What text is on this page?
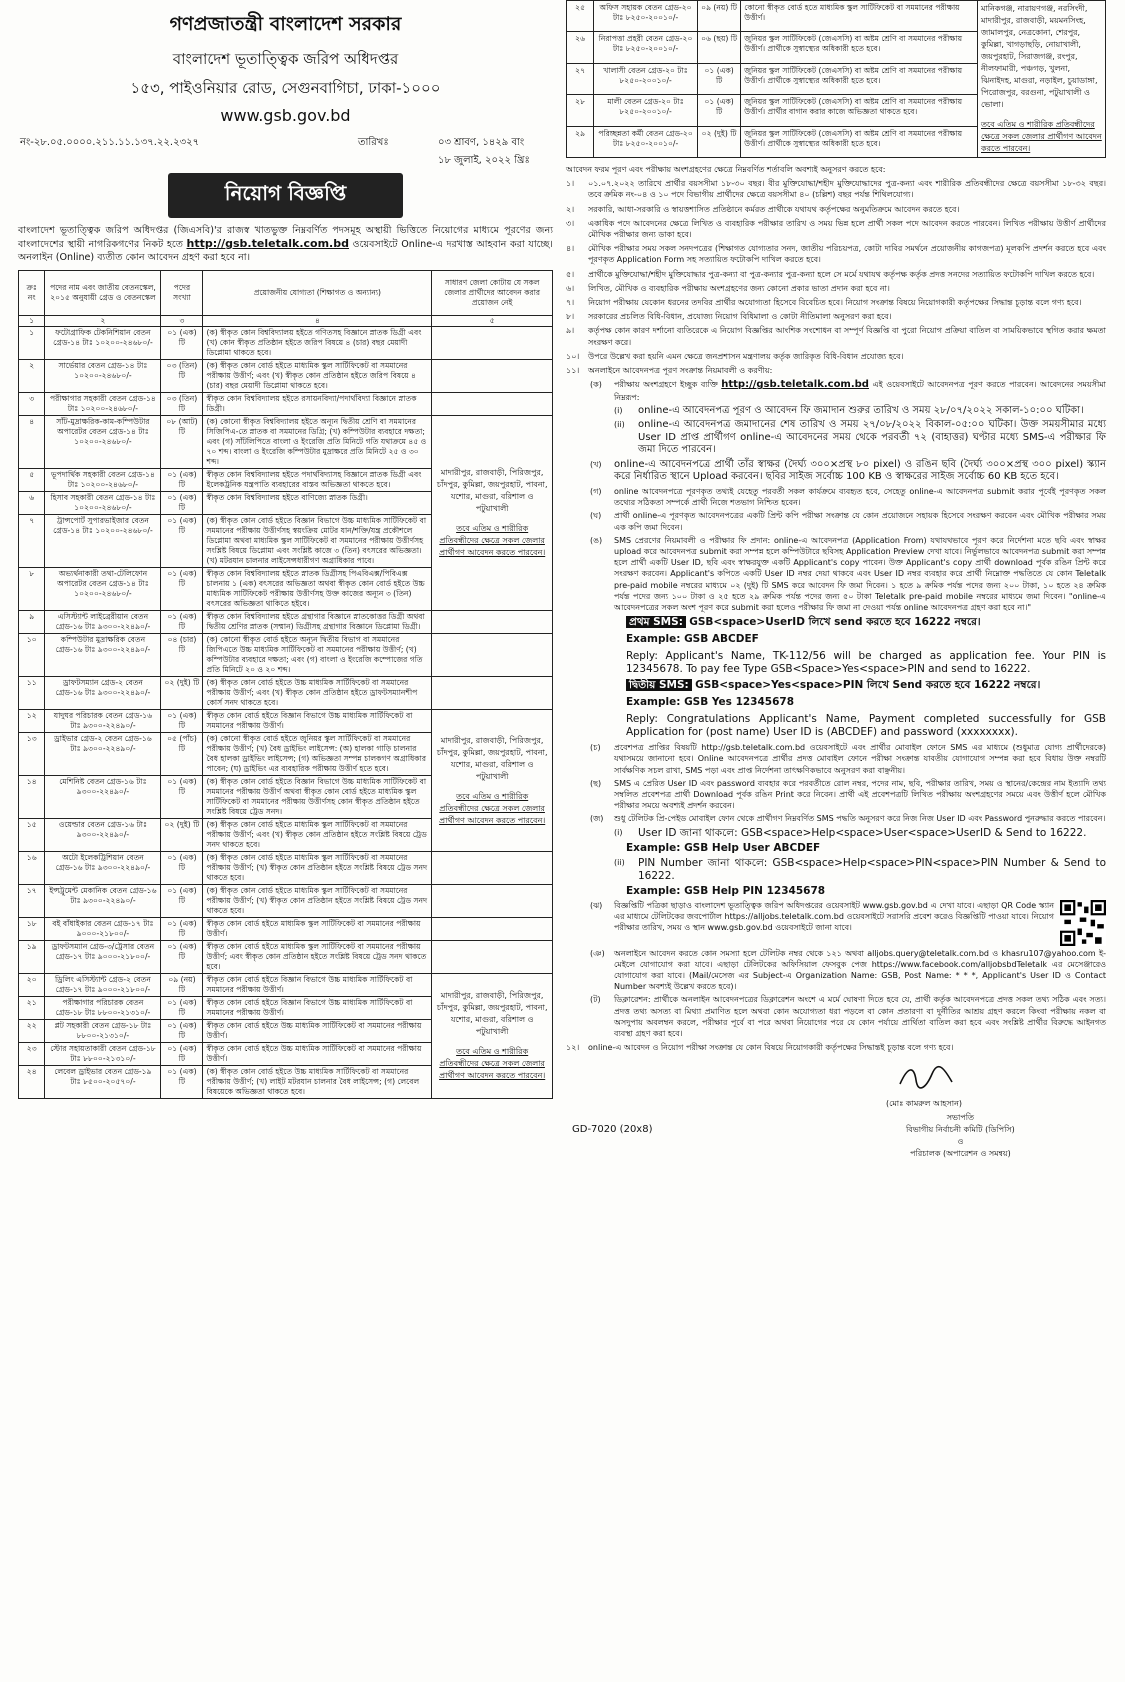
গণপ্রজাতন্ত্রী বাংলাদেশ সরকার
বাংলাদেশ ভূতাত্ত্বিক জরিপ অধিদপ্তর
১৫৩, পাইওনিয়ার রোড, সেগুনবাগিচা, ঢাকা-১০০০
www.gsb.gov.bd
নং-২৮.০৫.০০০০.২১১.১১.১৩৭.২২.২৩২৭	তারিখঃ	০৩ শ্রাবণ, ১৪২৯ বাং
১৮ জুলাই, ২০২২ খ্রিঃ
নিয়োগ বিজ্ঞপ্তি
বাংলাদেশ ভূতাত্ত্বিক জরিপ অধিদপ্তর (জিএসবি)'র রাজস্ব খাতভুক্ত নিম্নবর্ণিত পদসমূহ অস্থায়ী ভিত্তিতে নিয়োগের মাধ্যমে পূরণের জন্য বাংলাদেশের স্থায়ী নাগরিকগণের নিকট হতে http://gsb.teletalk.com.bd ওয়েবসাইটে Online-এ দরখাস্ত আহবান করা যাচ্ছে। অনলাইন (Online) ব্যতীত কোন আবেদন গ্রহণ করা হবে না।
ক্রঃ নং	পদের নাম এবং জাতীয় বেতনস্কেল, ২০১৫ অনুযায়ী গ্রেড ও বেতনস্কেল	পদের সংখ্যা	প্রয়োজনীয় যোগ্যতা (শিক্ষাগত ও অন্যান্য)	সাধারণ জেলা কোটায় যে সকল জেলার প্রার্থীদের আবেদন করার প্রয়োজন নেই
১	২	৩	৪	৫
১	ফটোগ্রাফিক টেকনিশিয়ান বেতন গ্রেড-১৪ টাঃ ১০২০০-২৪৬৮০/-	০১ (এক) টি	(ক) স্বীকৃত কোন বিশ্ববিদ্যালয় হইতে গণিতসহ বিজ্ঞানে স্নাতক ডিগ্রী এবং (খ) কোন স্বীকৃত প্রতিষ্ঠান হইতে জরিপ বিষয়ে ৪ (চার) বছর মেয়াদী ডিপ্লোমা থাকতে হবে।	
২	সার্ভেয়ার বেতন গ্রেড-১৪ টাঃ ১০২০০-২৪৬৮০/-	০৩ (তিন) টি	(ক) স্বীকৃত কোন বোর্ড হইতে মাধ্যমিক স্কুল সার্টিফিকেট বা সমমানের পরীক্ষায় উত্তীর্ণ; এবং (খ) স্বীকৃত কোন প্রতিষ্ঠান হইতে জরিপ বিষয়ে ৪ (চার) বছর মেয়াদী ডিপ্লোমা থাকতে হবে।	
৩	পরীক্ষাগার সহকারী বেতন গ্রেড-১৪ টাঃ ১০২০০-২৪৬৮০/-	০৩ (তিন) টি	স্বীকৃত কোন বিশ্ববিদ্যালয় হইতে রসায়নবিদ্যা/পদার্থবিদ্যা বিজ্ঞানে স্নাতক ডিগ্রী।	
৪	সাঁট-মুদ্রাক্ষরিক-কাম-কম্পিউটার অপারেটর বেতন গ্রেড-১৪ টাঃ ১০২০০-২৪৬৮০/-	০৮ (আট) টি	(ক) কোনো স্বীকৃত বিশ্ববিদ্যালয় হইতে অন্যূন দ্বিতীয় শ্রেণি বা সমমানের সিজিপিএ-তে স্নাতক বা সমমানের ডিগ্রি; (খ) কম্পিউটার ব্যবহারে দক্ষতা; এবং (গ) সাঁটলিপিতে বাংলা ও ইংরেজি প্রতি মিনিটে গতি যথাক্রমে ৪৫ ও ৭০ শব্দ। বাংলা ও ইংরেজি কম্পিউটার মুদ্রাক্ষরে প্রতি মিনিটে ২৫ ও ৩০ শব্দ।	মাদারীপুর, রাজবাড়ী, পিরিজপুর, চাঁদপুর, কুমিল্লা, জয়পুরহাট, পাবনা, যশোর, মাগুরা, বরিশাল ও পটুয়াখালী
তবে এতিম ও শারীরিক প্রতিবন্ধীদের ক্ষেত্রে সকল জেলার প্রার্থীগণ আবেদন করতে পারবেন।

৫	ভূপদার্থিক সহকারী বেতন গ্রেড-১৪ টাঃ ১০২০০-২৪৬৮০/-	০১ (এক) টি	স্বীকৃত কোন বিশ্ববিদ্যালয় হইতে পদার্থবিদ্যাসহ বিজ্ঞানে স্নাতক ডিগ্রী এবং ইলেকট্রনিক যন্ত্রপাতি ব্যবহারের বাস্তব অভিজ্ঞতা থাকতে হবে।	
৬	হিসাব সহকারী বেতন গ্রেড-১৪ টাঃ ১০২০০-২৪৬৮০/-	০১ (এক) টি	স্বীকৃত কোন বিশ্ববিদ্যালয় হইতে বাণিজ্যে স্নাতক ডিগ্রী।	
৭	ট্রান্সপোর্ট সুপারভাইজার বেতন গ্রেড-১৪ টাঃ ১০২০০-২৪৬৮০/-	০১ (এক) টি	(ক) স্বীকৃত কোন বোর্ড হইতে বিজ্ঞান বিভাগে উচ্চ মাধ্যমিক সার্টিফিকেট বা সমমানের পরীক্ষায় উত্তীর্ণসহ স্বয়ংক্রিয় মোটর যান/শক্তি/যন্ত্র প্রকৌশলে ডিপ্লোমা অথবা মাধ্যমিক স্কুল সার্টিফিকেট বা সমমানের পরীক্ষায় উত্তীর্ণসহ সংশ্লিষ্ট বিষয়ে ডিপ্লোমা এবং সংশ্লিষ্ট কাজে ৩ (তিন) বৎসরের অভিজ্ঞতা। (খ) মটরযান চালনার লাইসেন্সধারীগণ অগ্রাধিকার পাবে।	
৮	অভ্যর্থনাকারী তথা-টেলিফোন অপারেটর বেতন গ্রেড-১৪ টাঃ ১০২০০-২৪৬৮০/-	০১ (এক) টি	স্বীকৃত কোন বিশ্ববিদ্যালয় হইতে স্নাতক ডিগ্রীসহ পিএবিএক্স/পিবিএক্স চালনায় ১ (এক) বৎসরের অভিজ্ঞতা অথবা স্বীকৃত কোন বোর্ড হইতে উচ্চ মাধ্যমিক সার্টিফিকেট পরীক্ষায় উত্তীর্ণসহ উক্ত কাজের অন্যূন ৩ (তিন) বৎসরের অভিজ্ঞতা থাকিতে হইবে।	
৯	এসিস্ট্যান্ট লাইব্রেরীয়ান বেতন গ্রেড-১৬ টাঃ ৯৩০০-২২৪৯০/-	০১ (এক) টি	স্বীকৃত কোন বিশ্ববিদ্যালয় হইতে গ্রন্থাগার বিজ্ঞানে স্নাতকোত্তর ডিগ্রী অথবা দ্বিতীয় শ্রেণির স্নাতক (সম্মান) ডিগ্রীসহ গ্রন্থাগার বিজ্ঞানে ডিপ্লোমা ডিগ্রী।	
১০	কম্পিউটার মুদ্রাক্ষরিক বেতন গ্রেড-১৬ টাঃ ৯৩০০-২২৪৯০/-	০৪ (চার) টি	(ক) কোনো স্বীকৃত বোর্ড হইতে অন্যূন দ্বিতীয় বিভাগ বা সমমানের জিপিএতে উচ্চ মাধ্যমিক সার্টিফিকেট বা সমমানের পরীক্ষায় উত্তীর্ণ; (খ) কম্পিউটার ব্যবহারে দক্ষতা; এবং (গ) বাংলা ও ইংরেজি কম্পোজের গতি প্রতি মিনিটে ২০ ও ২০ শব্দ।	
১১	ড্রাফটসম্যান গ্রেড-২ বেতন গ্রেড-১৬ টাঃ ৯৩০০-২২৪৯০/-	০২ (দুই) টি	(ক) স্বীকৃত কোন বোর্ড হইতে উচ্চ মাধ্যমিক সার্টিফিকেট বা সমমানের পরীক্ষায় উত্তীর্ণ; এবং (খ) স্বীকৃত কোন প্রতিষ্ঠান হইতে ড্রাফটসম্যানশীপ কোর্স সনদ থাকতে হবে।	
১২	যাদুঘর পরিচারক বেতন গ্রেড-১৬ টাঃ ৯৩০০-২২৪৯০/-	০১ (এক) টি	স্বীকৃত কোন বোর্ড হইতে বিজ্ঞান বিভাগে উচ্চ মাধ্যমিক সার্টিফিকেট বা সমমানের পরীক্ষায় উত্তীর্ণ।	মাদারীপুর, রাজবাড়ী, পিরিজপুর, চাঁদপুর, কুমিল্লা, জয়পুরহাট, পাবনা, যশোর, মাগুরা, বরিশাল ও পটুয়াখালী
তবে এতিম ও শারীরিক প্রতিবন্ধীদের ক্ষেত্রে সকল জেলার প্রার্থীগণ আবেদন করতে পারবেন।

১৩	ড্রাইভার গ্রেড-২ বেতন গ্রেড-১৬ টাঃ ৯৩০০-২২৪৯০/-	০৫ (পাঁচ) টি	(ক) কোনো স্বীকৃত বোর্ড হইতে জুনিয়র স্কুল সার্টিফিকেট বা সমমানের পরীক্ষায় উত্তীর্ণ; (খ) বৈধ ড্রাইভিং লাইসেন্স: (অ) হালকা গাড়ি চালনার বৈধ হালকা ড্রাইভিং লাইসেন্স; (গ) অভিজ্ঞতা সম্পন্ন চালকগণ অগ্রাধিকার পাবেন; (ঘ) ড্রাইভিং এর ব্যবহারিক পরীক্ষায় উত্তীর্ণ হতে হবে।	
১৪	মেশিনিষ্ট বেতন গ্রেড-১৬ টাঃ ৯৩০০-২২৪৯০/-	০১ (এক) টি	(ক) স্বীকৃত কোন বোর্ড হইতে বিজ্ঞান বিভাগে উচ্চ মাধ্যমিক সার্টিফিকেট বা সমমানের পরীক্ষায় উত্তীর্ণ অথবা স্বীকৃত কোন বোর্ড হইতে মাধ্যমিক স্কুল সার্টিফিকেট বা সমমানের পরীক্ষায় উত্তীর্ণসহ কোন স্বীকৃত প্রতিষ্ঠান হইতে সংশ্লিষ্ট বিষয়ে ট্রেড সনদ।	
১৫	ওয়েল্ডার বেতন গ্রেড-১৬ টাঃ ৯৩০০-২২৪৯০/-	০২ (দুই) টি	(ক) স্বীকৃত কোন বোর্ড হইতে মাধ্যমিক স্কুল সার্টিফিকেট বা সমমানের পরীক্ষায় উত্তীর্ণ; এবং (খ) স্বীকৃত কোন প্রতিষ্ঠান হইতে সংশ্লিষ্ট বিষয়ে ট্রেড সনদ থাকতে হবে।	
১৬	অটো ইলেকট্রিশিয়ান বেতন গ্রেড-১৬ টাঃ ৯৩০০-২২৪৯০/-	০১ (এক) টি	(ক) স্বীকৃত কোন বোর্ড হইতে মাধ্যমিক স্কুল সার্টিফিকেট বা সমমানের পরীক্ষায় উত্তীর্ণ; (খ) স্বীকৃত কোন প্রতিষ্ঠান হইতে সংশ্লিষ্ট বিষয়ে ট্রেড সনদ থাকতে হবে।	
১৭	ইন্সট্রুমেন্ট মেকানিক বেতন গ্রেড-১৬ টাঃ ৯৩০০-২২৪৯০/-	০১ (এক) টি	(ক) স্বীকৃত কোন বোর্ড হইতে মাধ্যমিক স্কুল সার্টিফিকেট বা সমমানের পরীক্ষায় উত্তীর্ণ; (খ) স্বীকৃত কোন প্রতিষ্ঠান হইতে সংশ্লিষ্ট বিষয়ে ট্রেড সনদ থাকতে হবে।	
১৮	বই বাঁধাইকার বেতন গ্রেড-১৭ টাঃ ৯০০০-২১৮০০/-	০১ (এক) টি	স্বীকৃত কোন বোর্ড হইতে মাধ্যমিক স্কুল সার্টিফিকেট বা সমমানের পরীক্ষায় উত্তীর্ণ।	
১৯	ড্রাফটসম্যান গ্রেড-৩/ট্রেসার বেতন গ্রেড-১৭ টাঃ ৯০০০-২১৮০০/-	০১ (এক) টি	স্বীকৃত কোন বোর্ড হইতে মাধ্যমিক স্কুল সার্টিফিকেট বা সমমানের পরীক্ষায় উত্তীর্ণ; এবং স্বীকৃত কোন প্রতিষ্ঠান হইতে সংশ্লিষ্ট বিষয়ে ট্রেড সনদ থাকতে হবে।	
২০	ড্রিলিং এসিস্ট্যান্ট গ্রেড-২ বেতন গ্রেড-১৭ টাঃ ৯০০০-২১৮০০/-	০৯ (নয়) টি	স্বীকৃত কোন বোর্ড হইতে বিজ্ঞান বিভাগে উচ্চ মাধ্যমিক সার্টিফিকেট বা সমমানের পরীক্ষায় উত্তীর্ণ।	মাদারীপুর, রাজবাড়ী, পিরিজপুর, চাঁদপুর, কুমিল্লা, জয়পুরহাট, পাবনা, যশোর, মাগুরা, বরিশাল ও পটুয়াখালী
তবে এতিম ও শারীরিক প্রতিবন্ধীদের ক্ষেত্রে সকল জেলার প্রার্থীগণ আবেদন করতে পারবেন।

২১	পরীক্ষাগার পরিচারক বেতন গ্রেড-১৮ টাঃ ৮৮০০-২১৩১০/-	০১ (এক) টি	স্বীকৃত কোন বোর্ড হইতে বিজ্ঞান বিভাগে উচ্চ মাধ্যমিক সার্টিফিকেট বা সমমানের পরীক্ষায় উত্তীর্ণ।	
২২	প্লট সহকারী বেতন গ্রেড-১৮ টাঃ ৮৮০০-২১৩১০/-	০১ (এক) টি	স্বীকৃত কোন বোর্ড হইতে উচ্চ মাধ্যমিক সার্টিফিকেট বা সমমানের পরীক্ষায় উত্তীর্ণ।	
২৩	স্টোর সহায়তাকারী বেতন গ্রেড-১৮ টাঃ ৮৮০০-২১৩১০/-	০১ (এক) টি	স্বীকৃত কোন বোর্ড হইতে উচ্চ মাধ্যমিক সার্টিফিকেট বা সমমানের পরীক্ষায় উত্তীর্ণ।	
২৪	লেবেল ড্রাইভার বেতন গ্রেড-১৯ টাঃ ৮৫০০-২০৫৭০/-	০১ (এক) টি	(ক) স্বীকৃত কোন বোর্ড হইতে উচ্চ মাধ্যমিক সার্টিফিকেট বা সমমানের পরীক্ষায় উত্তীর্ণ; (খ) লাইট মটরযান চালনার বৈধ লাইসেন্স; (গ) লেবেল বিষয়েকে অভিজ্ঞতা থাকতে হবে।	
২৫	অফিস সহায়ক বেতন গ্রেড-২০ টাঃ ৮২৫০-২০০১০/-	০৯ (নয়) টি	কোনো স্বীকৃত বোর্ড হতে মাধ্যমিক স্কুল সার্টিফিকেট বা সমমানের পরীক্ষায় উত্তীর্ণ।	মানিকগঞ্জ, নারায়ণগঞ্জ, নরসিংদী, মাদারীপুর, রাজবাড়ী, ময়মনসিংহ, জামালপুর, নেত্রকোনা, শেরপুর, কুমিল্লা, খাগড়াছড়ি, নোয়াখালী, জয়পুরহাট, সিরাজগঞ্জ, রংপুর, নীলফামারী, পঞ্চগড়, খুলনা, ঝিনাইদহ, মাগুরা, নড়াইল, চুয়াডাঙ্গা, পিরোজপুর, বরগুনা, পটুয়াখালী ও ভোলা।
তবে এতিম ও শারীরিক প্রতিবন্ধীদের ক্ষেত্রে সকল জেলার প্রার্থীগণ আবেদন করতে পারবেন।

২৬	নিরাপত্তা প্রহরী বেতন গ্রেড-২০ টাঃ ৮২৫০-২০০১০/-	০৬ (ছয়) টি	জুনিয়র স্কুল সার্টিফিকেট (জেএসসি) বা অষ্টম শ্রেণি বা সমমানের পরীক্ষায় উত্তীর্ণ। প্রার্থীকে সুস্বাস্থ্যের অধিকারী হতে হবে।	
২৭	খালাসী বেতন গ্রেড-২০ টাঃ ৮২৫০-২০০১০/-	০১ (এক) টি	জুনিয়র স্কুল সার্টিফিকেট (জেএসসি) বা অষ্টম শ্রেণি বা সমমানের পরীক্ষায় উত্তীর্ণ। প্রার্থীকে সুস্বাস্থ্যের অধিকারী হতে হবে।	
২৮	মালী বেতন গ্রেড-২০ টাঃ ৮২৫০-২০০১০/-	০১ (এক) টি	জুনিয়র স্কুল সার্টিফিকেট (জেএসসি) বা অষ্টম শ্রেণি বা সমমানের পরীক্ষায় উত্তীর্ণ। প্রার্থীর বাগান করার কাজে অভিজ্ঞতা থাকতে হবে।	
২৯	পরিচ্ছন্নতা কর্মী বেতন গ্রেড-২০ টাঃ ৮২৫০-২০০১০/-	০২ (দুই) টি	জুনিয়র স্কুল সার্টিফিকেট (জেএসসি) বা অষ্টম শ্রেণি বা সমমানের পরীক্ষায় উত্তীর্ণ। প্রার্থীকে সুস্বাস্থ্যের অধিকারী হতে হবে।	
আবেদন ফরম পূরণ এবং পরীক্ষায় অংশগ্রহণের ক্ষেত্রে নিম্নবর্ণিত শর্তাবলি অবশ্যই অনুসরণ করতে হবে:
১।	০১.০৭.২০২২ তারিখে প্রার্থীর বয়সসীমা ১৮-৩০ বছর। বীর মুক্তিযোদ্ধা/শহীদ মুক্তিযোদ্ধাদের পুত্র-কন্যা এবং শারীরিক প্রতিবন্ধীদের ক্ষেত্রে বয়সসীমা ১৮-৩২ বছর। তবে ক্রমিক নং-০৪ ও ১০ পদে বিভাগীয় প্রার্থীদের ক্ষেত্রে বয়সসীমা ৪০ (চল্লিশ) বছর পর্যন্ত শিথিলযোগ্য।
২।	সরকারি, আধা-সরকারি ও স্বায়ত্তশাসিত প্রতিষ্ঠানে কর্মরত প্রার্থীকে যথাযথ কর্তৃপক্ষের অনুমতিক্রমে আবেদন করতে হবে।
৩।	একাধিক পদে আবেদনের ক্ষেত্রে লিখিত ও ব্যবহারিক পরীক্ষার তারিখ ও সময় ভিন্ন হলে প্রার্থী সকল পদে আবেদন করতে পারবেন। লিখিত পরীক্ষায় উত্তীর্ণ প্রার্থীদের মৌখিক পরীক্ষার জন্য ডাকা হবে।
৪।	মৌখিক পরীক্ষার সময় সকল সনদপত্রের (শিক্ষাগত যোগ্যতার সনদ, জাতীয় পরিচয়পত্র, কোটা দাবির সমর্থনে প্রয়োজনীয় কাগজপত্র) মূলকপি প্রদর্শন করতে হবে এবং পূরণকৃত Application Form সহ সত্যায়িত ফটোকপি দাখিল করতে হবে।
৫।	প্রার্থীকে মুক্তিযোদ্ধা/শহীদ মুক্তিযোদ্ধার পুত্র-কন্যা বা পুত্র-কন্যার পুত্র-কন্যা হলে সে মর্মে যথাযথ কর্তৃপক্ষ কর্তৃক প্রদত্ত সনদের সত্যায়িত ফটোকপি দাখিল করতে হবে।
৬।	লিখিত, মৌখিক ও ব্যবহারিক পরীক্ষায় অংশগ্রহণের জন্য কোনো প্রকার ভাতা প্রদান করা হবে না।
৭।	নিয়োগ পরীক্ষায় যেকোন ধরনের তদবির প্রার্থীর অযোগ্যতা হিসেবে বিবেচিত হবে। নিয়োগ সংক্রান্ত বিষয়ে নিয়োগকারী কর্তৃপক্ষের সিদ্ধান্ত চূড়ান্ত বলে গণ্য হবে।
৮।	সরকারের প্রচলিত বিধি-বিধান, প্রযোজ্য নিয়োগ বিধিমালা ও কোটা নীতিমালা অনুসরণ করা হবে।
৯।	কর্তৃপক্ষ কোন কারণ দর্শানো ব্যতিরেকে এ নিয়োগ বিজ্ঞপ্তির আংশিক সংশোধন বা সম্পূর্ণ বিজ্ঞপ্তি বা পুরো নিয়োগ প্রক্রিয়া বাতিল বা সাময়িকভাবে স্থগিত করার ক্ষমতা সংরক্ষণ করে।
১০।	উপরে উল্লেখ করা হয়নি এমন ক্ষেত্রে জনপ্রশাসন মন্ত্রণালয় কর্তৃক জারিকৃত বিধি-বিধান প্রযোজ্য হবে।
১১।	অনলাইনে আবেদনপত্র পূরণ সংক্রান্ত নিয়মাবলী ও করণীয়:
(ক)	পরীক্ষায় অংশগ্রহণে ইচ্ছুক ব্যক্তি http://gsb.teletalk.com.bd এই ওয়েবসাইটে আবেদনপত্র পূরণ করতে পারবেন। আবেদনের সময়সীমা নিম্নরূপ:
(i)	online-এ আবেদনপত্র পূরণ ও আবেদন ফি জমাদান শুরুর তারিখ ও সময় ২৮/০৭/২০২২ সকাল-১০:০০ ঘটিকা।
(ii)	online-এ আবেদনপত্র জমাদানের শেষ তারিখ ও সময় ২৭/০৮/২০২২ বিকাল-০৫:০০ ঘটিকা। উক্ত সময়সীমার মধ্যে User ID প্রাপ্ত প্রার্থীগণ online-এ আবেদনের সময় থেকে পরবর্তী ৭২ (বাহাত্তর) ঘণ্টার মধ্যে SMS-এ পরীক্ষার ফি জমা দিতে পারবেন।
(খ)	online-এ আবেদনপত্রে প্রার্থী তাঁর স্বাক্ষর (দৈর্ঘ্য ৩০০×প্রস্থ ৮০ pixel) ও রঙিন ছবি (দৈর্ঘ্য ৩০০×প্রস্থ ৩০০ pixel) স্ক্যান করে নির্ধারিত স্থানে Upload করবেন। ছবির সাইজ সর্বোচ্চ 100 KB ও স্বাক্ষরের সাইজ সর্বোচ্চ 60 KB হতে হবে।
(গ)	online আবেদনপত্রে পূরণকৃত তথ্যই যেহেতু পরবর্তী সকল কার্যক্রমে ব্যবহৃত হবে, সেহেতু online-এ আবেদনপত্র submit করার পূর্বেই পূরণকৃত সকল তথ্যের সঠিকতা সম্পর্কে প্রার্থী নিজে শতভাগ নিশ্চিত হবেন।
(ঘ)	প্রার্থী online-এ পূরণকৃত আবেদনপত্রের একটি প্রিন্ট কপি পরীক্ষা সংক্রান্ত যে কোন প্রয়োজনে সহায়ক হিসেবে সংরক্ষণ করবেন এবং মৌখিক পরীক্ষার সময় এক কপি জমা দিবেন।
(ঙ)	SMS প্রেরণের নিয়মাবলী ও পরীক্ষার ফি প্রদান: online-এ আবেদনপত্র (Application From) যথাযথভাবে পূরণ করে নির্দেশনা মতে ছবি এবং স্বাক্ষর upload করে আবেদনপত্র submit করা সম্পন্ন হলে কম্পিউটারে ছবিসহ Application Preview দেখা যাবে। নির্ভুলভাবে আবেদনপত্র submit করা সম্পন্ন হলে প্রার্থী একটি User ID, ছবি এবং স্বাক্ষরযুক্ত একটি Applicant's copy পাবেন। উক্ত Applicant's copy প্রার্থী download পূর্বক রঙিন প্রিন্ট করে সংরক্ষণ করবেন। Applicant's কপিতে একটি User ID নম্বর দেয়া থাকবে এবং User ID নম্বর ব্যবহার করে প্রার্থী নিম্নোক্ত পদ্ধতিতে যে কোন Teletalk pre-paid mobile নম্বরের মাধ্যমে ০২ (দুই) টি SMS করে আবেদন ফি জমা দিবেন। ১ হতে ৯ ক্রমিক পর্যন্ত পদের জন্য ২০০ টাকা, ১০ হতে ২৪ ক্রমিক পর্যন্ত পদের জন্য ১০০ টাকা ও ২৫ হতে ২৯ ক্রমিক পর্যন্ত পদের জন্য ৫০ টাকা Teletalk pre-paid mobile নম্বরের মাধ্যমে জমা দিবেন। "online-এ আবেদনপত্রের সকল অংশ পূরণ করে submit করা হলেও পরীক্ষার ফি জমা না দেওয়া পর্যন্ত online আবেদনপত্র গ্রহণ করা হবে না।"
প্রথম SMS: GSB<space>UserID লিখে send করতে হবে 16222 নম্বরে।
Example: GSB ABCDEF
Reply: Applicant's Name, TK-112/56 will be charged as application fee. Your PIN is 12345678. To pay fee Type GSB<Space>Yes<space>PIN and send to 16222.
দ্বিতীয় SMS: GSB<space>Yes<space>PIN লিখে Send করতে হবে 16222 নম্বরে।
Example: GSB Yes 12345678
Reply: Congratulations Applicant's Name, Payment completed successfully for GSB Application for (post name) User ID is (ABCDEF) and password (xxxxxxxx).
(চ)	প্রবেশপত্র প্রাপ্তির বিষয়টি http://gsb.teletalk.com.bd ওয়েবসাইটে এবং প্রার্থীর মোবাইল ফোনে SMS এর মাধ্যমে (শুধুমাত্র যোগ্য প্রার্থীদেরকে) যথাসময়ে জানানো হবে। Online আবেদনপত্রে প্রার্থীর প্রদত্ত মোবাইল ফোনে পরীক্ষা সংক্রান্ত যাবতীয় যোগাযোগ সম্পন্ন করা হবে বিধায় উক্ত নম্বরটি সার্বক্ষণিক সচল রাখা, SMS পড়া এবং প্রাপ্ত নির্দেশনা তাৎক্ষণিকভাবে অনুসরণ করা বাঞ্ছনীয়।
(ছ)	SMS এ প্রেরিত User ID এবং password ব্যবহার করে পরবর্তীতে রোল নম্বর, পদের নাম, ছবি, পরীক্ষার তারিখ, সময় ও স্থানের/কেন্দ্রের নাম ইত্যাদি তথ্য সম্বলিত প্রবেশপত্র প্রার্থী Download পূর্বক রঙিন Print করে নিবেন। প্রার্থী এই প্রবেশপত্রটি লিখিত পরীক্ষায় অংশগ্রহণের সময়ে এবং উত্তীর্ণ হলে মৌখিক পরীক্ষার সময়ে অবশ্যই প্রদর্শন করবেন।
(জ)	শুধু টেলিটক প্রি-পেইড মোবাইল ফোন থেকে প্রার্থীগণ নিম্নবর্ণিত SMS পদ্ধতি অনুসরণ করে নিজ নিজ User ID এবং Password পুনরুদ্ধার করতে পারবেন।
(i)	User ID জানা থাকলে: GSB<space>Help<space>User<space>UserID & Send to 16222.
Example: GSB Help User ABCDEF
(ii)	PIN Number জানা থাকলে: GSB<space>Help<space>PIN<space>PIN Number & Send to 16222.
Example: GSB Help PIN 12345678
(ঝ)	বিজ্ঞপ্তিটি পত্রিকা ছাড়াও বাংলাদেশ ভূতাত্ত্বিক জরিপ অধিদপ্তরের ওয়েবসাইট www.gsb.gov.bd এ দেখা যাবে। এছাড়া QR Code স্ক্যান এর মাধ্যমে টেলিটকের জবপোর্টাল https://alljobs.teletalk.com.bd ওয়েবসাইটে সরাসরি প্রবেশ করেও বিজ্ঞপ্তিটি পাওয়া যাবে। নিয়োগ পরীক্ষার তারিখ, সময় ও স্থান www.gsb.gov.bd ওয়েবসাইটে জানা যাবে।
(ঞ)	অনলাইনে আবেদন করতে কোন সমস্যা হলে টেলিটক নম্বর থেকে ১২১ অথবা alljobs.query@teletalk.com.bd ও khasru107@yahoo.com ই-মেইলে যোগাযোগ করা যাবে। এছাড়া টেলিটকের অফিসিয়াল ফেসবুক পেজ https://www.facebook.com/alljobsbdTeletalk এর মেসেঞ্জারেও যোগাযোগ করা যাবে। (Mail/মেসেজ এর Subject-এ Organization Name: GSB, Post Name: * * *, Applicant's User ID ও Contact Number অবশ্যই উল্লেখ করতে হবে)।
(ট)	ডিক্লারেশন: প্রার্থীকে অনলাইন আবেদনপত্রের ডিক্লারেশন অংশে এ মর্মে ঘোষণা দিতে হবে যে, প্রার্থী কর্তৃক আবেদনপত্রে প্রদত্ত সকল তথ্য সঠিক এবং সত্য। প্রদত্ত তথ্য অসত্য বা মিথ্যা প্রমাণিত হলে অথবা কোন অযোগ্যতা ধরা পড়লে বা কোন প্রতারণা বা দুর্নীতির আশ্রয় গ্রহণ করলে কিংবা পরীক্ষায় নকল বা অসদুপায় অবলম্বন করলে, পরীক্ষার পূর্বে বা পরে অথবা নিয়োগের পরে যে কোন পর্যায়ে প্রার্থিতা বাতিল করা হবে এবং সংশ্লিষ্ট প্রার্থীর বিরুদ্ধে আইনগত ব্যবস্থা গ্রহণ করা হবে।
১২।	online-এ আবেদন ও নিয়োগ পরীক্ষা সংক্রান্ত যে কোন বিষয়ে নিয়োগকারী কর্তৃপক্ষের সিদ্ধান্তই চূড়ান্ত বলে গণ্য হবে।
(মোঃ কামরুল আহসান)
সভাপতি
বিভাগীয় নির্বাচনী কমিটি (ডিপিসি)
ও
পরিচালক (অপারেশন ও সমন্বয়)
GD-7020 (20x8)
